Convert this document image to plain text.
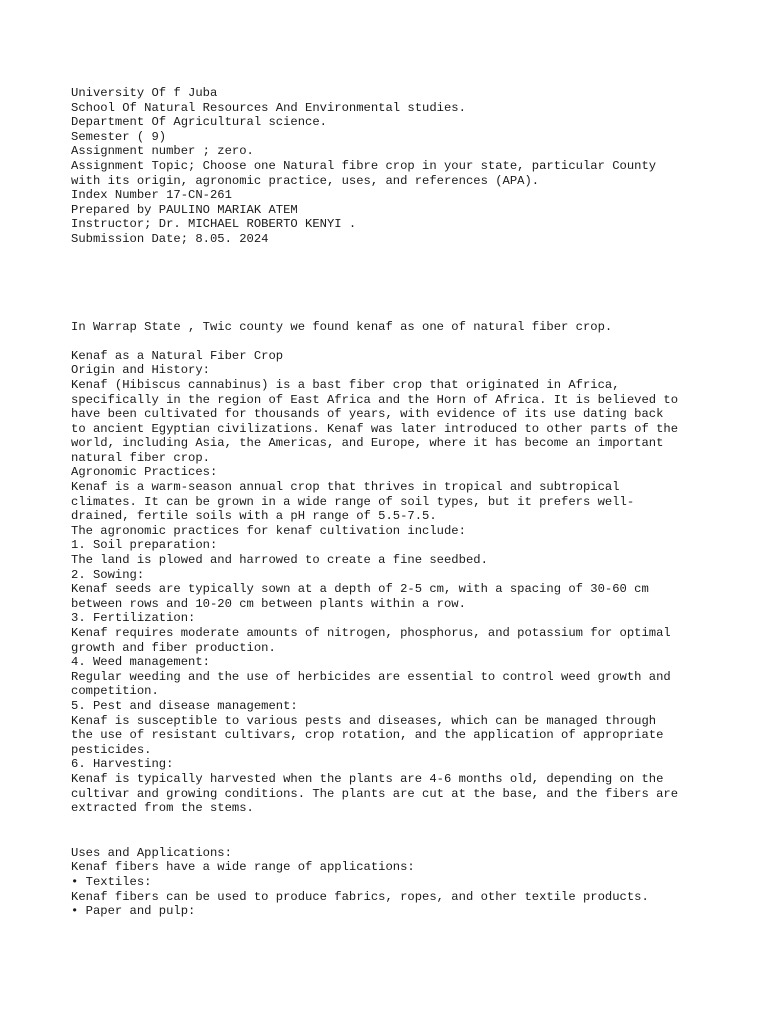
University Of f Juba
School Of Natural Resources And Environmental studies.
Department Of Agricultural science.
Semester ( 9)
Assignment number ; zero.
Assignment Topic; Choose one Natural fibre crop in your state, particular County
with its origin, agronomic practice, uses, and references (APA).
Index Number 17-CN-261
Prepared by PAULINO MARIAK ATEM
Instructor; Dr. MICHAEL ROBERTO KENYI .
Submission Date; 8.05. 2024
In Warrap State , Twic county we found kenaf as one of natural fiber crop.
Kenaf as a Natural Fiber Crop
Origin and History:
Kenaf (Hibiscus cannabinus) is a bast fiber crop that originated in Africa,
specifically in the region of East Africa and the Horn of Africa. It is believed to
have been cultivated for thousands of years, with evidence of its use dating back
to ancient Egyptian civilizations. Kenaf was later introduced to other parts of the
world, including Asia, the Americas, and Europe, where it has become an important
natural fiber crop.
Agronomic Practices:
Kenaf is a warm-season annual crop that thrives in tropical and subtropical
climates. It can be grown in a wide range of soil types, but it prefers well-
drained, fertile soils with a pH range of 5.5-7.5.
The agronomic practices for kenaf cultivation include:
1. Soil preparation:
The land is plowed and harrowed to create a fine seedbed.
2. Sowing:
Kenaf seeds are typically sown at a depth of 2-5 cm, with a spacing of 30-60 cm
between rows and 10-20 cm between plants within a row.
3. Fertilization:
Kenaf requires moderate amounts of nitrogen, phosphorus, and potassium for optimal
growth and fiber production.
4. Weed management:
Regular weeding and the use of herbicides are essential to control weed growth and
competition.
5. Pest and disease management:
Kenaf is susceptible to various pests and diseases, which can be managed through
the use of resistant cultivars, crop rotation, and the application of appropriate
pesticides.
6. Harvesting:
Kenaf is typically harvested when the plants are 4-6 months old, depending on the
cultivar and growing conditions. The plants are cut at the base, and the fibers are
extracted from the stems.
Uses and Applications:
Kenaf fibers have a wide range of applications:
• Textiles:
Kenaf fibers can be used to produce fabrics, ropes, and other textile products.
• Paper and pulp:
